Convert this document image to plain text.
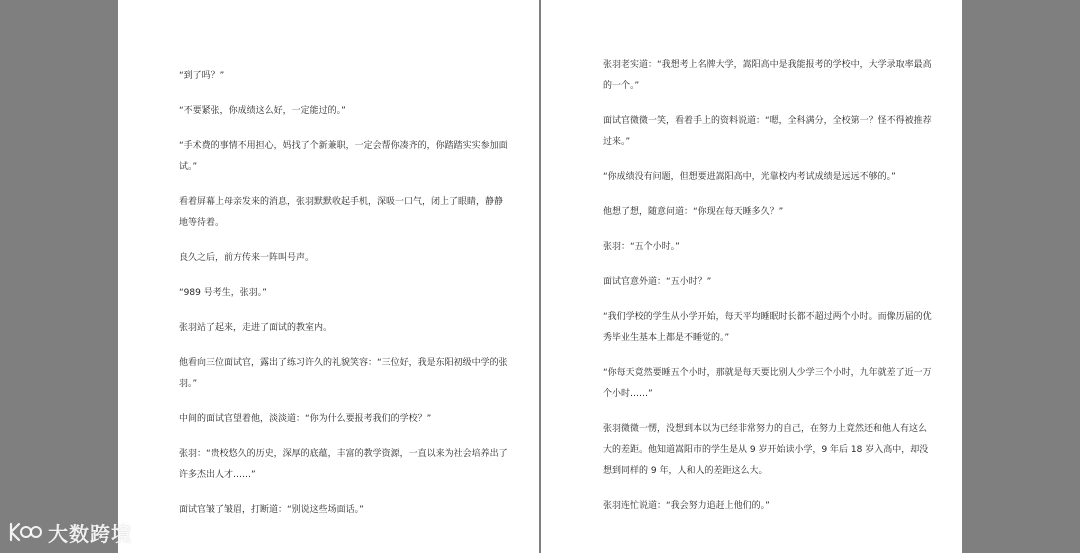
“到了吗？”

“不要紧张，你成绩这么好，一定能过的。”

“手术费的事情不用担心，妈找了个新兼职，一定会帮你凑齐的，你踏踏实实参加面试。”

看着屏幕上母亲发来的消息，张羽默默收起手机，深吸一口气，闭上了眼睛，静静地等待着。

良久之后，前方传来一阵叫号声。

“989 号考生，张羽。”

张羽站了起来，走进了面试的教室内。

他看向三位面试官，露出了练习许久的礼貌笑容：“三位好，我是东阳初级中学的张羽。”

中间的面试官望着他，淡淡道：“你为什么要报考我们的学校？”

张羽：“贵校悠久的历史，深厚的底蕴，丰富的教学资源，一直以来为社会培养出了许多杰出人才……”

面试官皱了皱眉，打断道：“别说这些场面话。”

张羽老实道：“我想考上名牌大学，嵩阳高中是我能报考的学校中，大学录取率最高的一个。”

面试官微微一笑，看着手上的资料说道：“嗯，全科满分，全校第一？怪不得被推荐过来。”

“你成绩没有问题，但想要进嵩阳高中，光靠校内考试成绩是远远不够的。”

他想了想，随意问道：“你现在每天睡多久？”

张羽：“五个小时。”

面试官意外道：“五小时？”

“我们学校的学生从小学开始，每天平均睡眠时长都不超过两个小时。而像历届的优秀毕业生基本上都是不睡觉的。”

“你每天竟然要睡五个小时，那就是每天要比别人少学三个小时，九年就差了近一万个小时……”

张羽微微一愣，没想到本以为已经非常努力的自己，在努力上竟然还和他人有这么大的差距。他知道嵩阳市的学生是从 9 岁开始读小学，9 年后 18 岁入高中，却没想到同样的 9 年，人和人的差距这么大。

张羽连忙说道：“我会努力追赶上他们的。”

大数跨境
